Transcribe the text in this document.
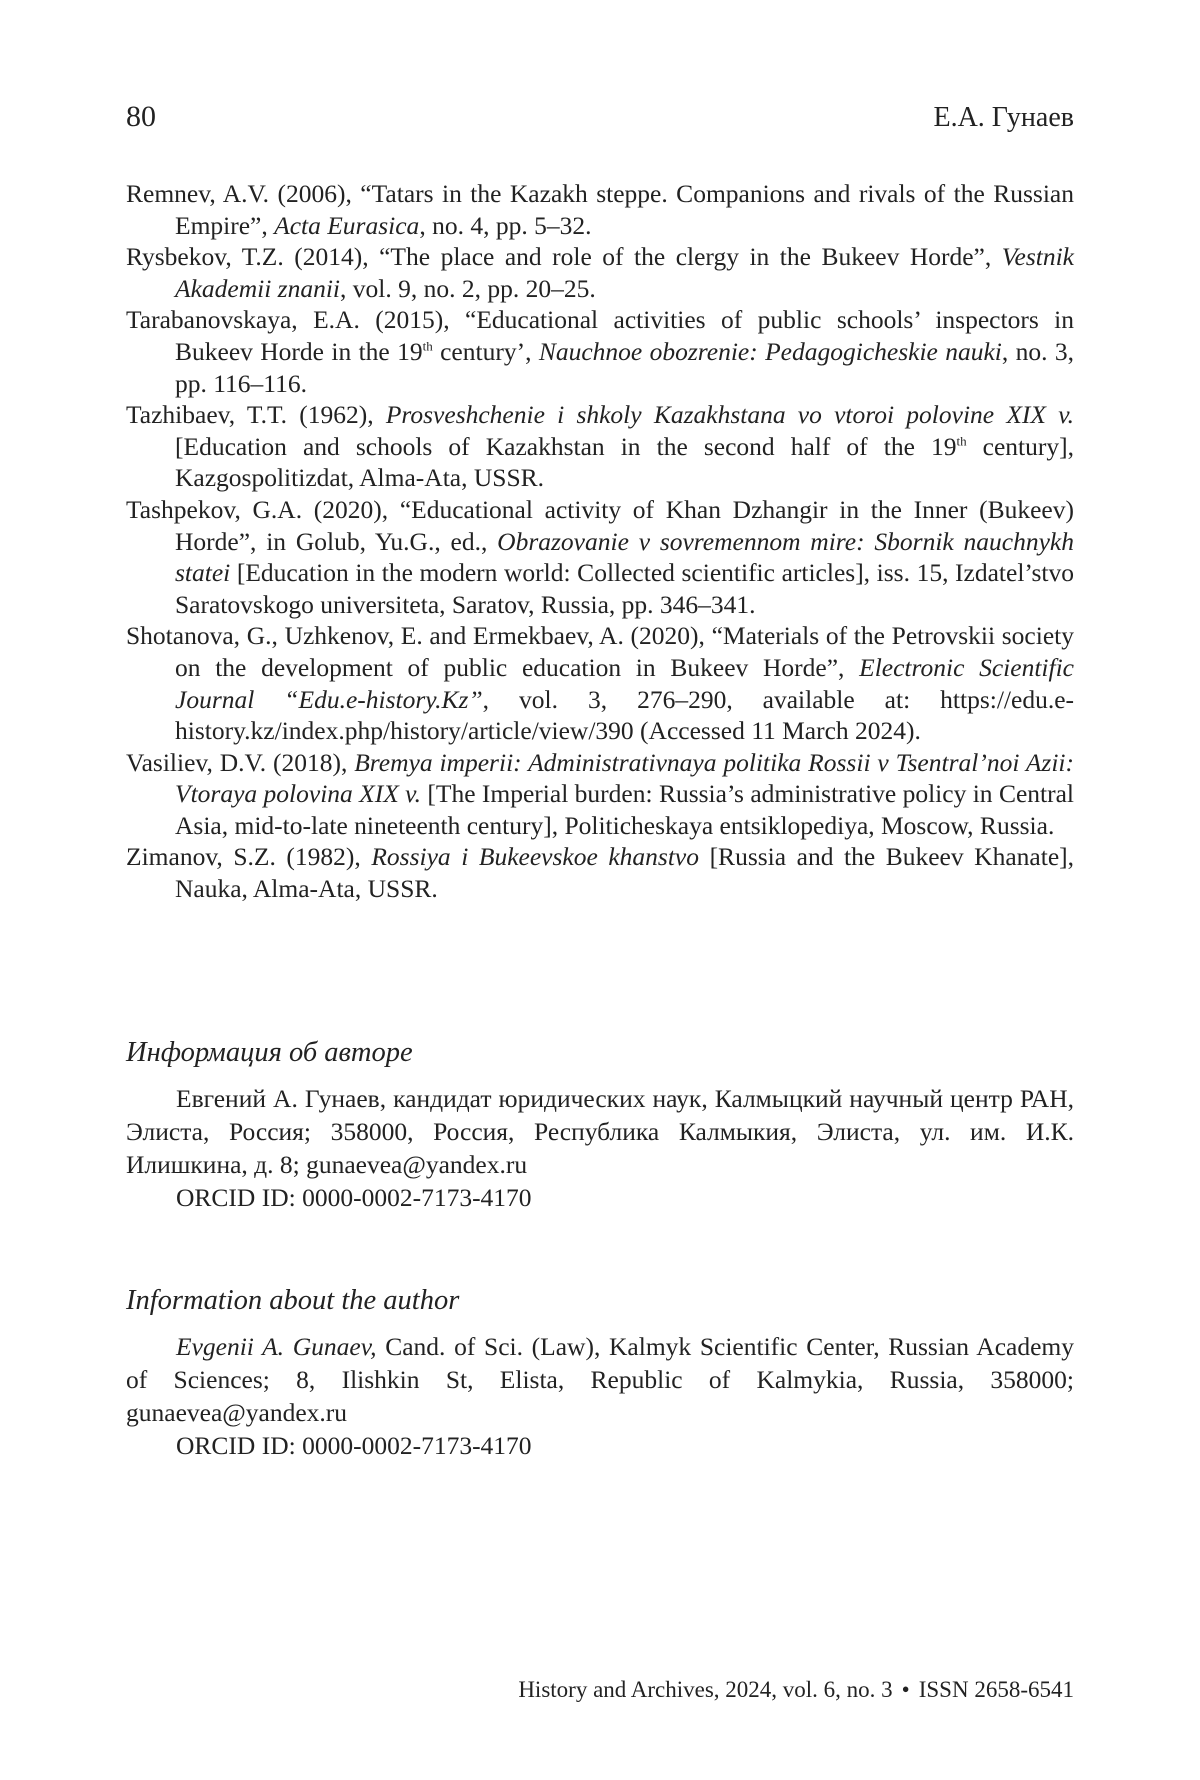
80	Е.А. Гунаев

Remnev, A.V. (2006), “Tatars in the Kazakh steppe. Companions and rivals of the Russian Empire”, Acta Eurasica, no. 4, pp. 5–32.

Rysbekov, T.Z. (2014), “The place and role of the clergy in the Bukeev Horde”, Vestnik Akademii znanii, vol. 9, no. 2, pp. 20–25.

Tarabanovskaya, E.A. (2015), “Educational activities of public schools’ inspectors in Bukeev Horde in the 19th century’, Nauchnoe obozrenie: Pedagogicheskie nauki, no. 3, pp. 116–116.

Tazhibaev, T.T. (1962), Prosveshchenie i shkoly Kazakhstana vo vtoroi polovine XIX v. [Education and schools of Kazakhstan in the second half of the 19th century], Kazgospolitizdat, Alma-Ata, USSR.

Tashpekov, G.A. (2020), “Educational activity of Khan Dzhangir in the Inner (Bukeev) Horde”, in Golub, Yu.G., ed., Obrazovanie v sovremennom mire: Sbornik nauchnykh statei [Education in the modern world: Collected scientific articles], iss. 15, Izdatel’stvo Saratovskogo universiteta, Saratov, Russia, pp. 346–341.

Shotanova, G., Uzhkenov, E. and Ermekbaev, A. (2020), “Materials of the Petrovskii society on the development of public education in Bukeev Horde”, Electronic Scientific Journal “Edu.e-history.Kz”, vol. 3, 276–290, available at: https://edu.e-history.kz/index.php/history/article/view/390 (Accessed 11 March 2024).

Vasiliev, D.V. (2018), Bremya imperii: Administrativnaya politika Rossii v Tsentral’noi Azii: Vtoraya polovina XIX v. [The Imperial burden: Russia’s administrative policy in Central Asia, mid-to-late nineteenth century], Politicheskaya entsiklopediya, Moscow, Russia.

Zimanov, S.Z. (1982), Rossiya i Bukeevskoe khanstvo [Russia and the Bukeev Khanate], Nauka, Alma-Ata, USSR.

Информация об авторе

Евгений А. Гунаев, кандидат юридических наук, Калмыцкий научный центр РАН, Элиста, Россия; 358000, Россия, Республика Калмыкия, Элиста, ул. им. И.К. Илишкина, д. 8; gunaevea@yandex.ru

ORCID ID: 0000-0002-7173-4170

Information about the author

Evgenii A. Gunaev, Cand. of Sci. (Law), Kalmyk Scientific Center, Russian Academy of Sciences; 8, Ilishkin St, Elista, Republic of Kalmykia, Russia, 358000; gunaevea@yandex.ru

ORCID ID: 0000-0002-7173-4170

History and Archives, 2024, vol. 6, no. 3 • ISSN 2658-6541
